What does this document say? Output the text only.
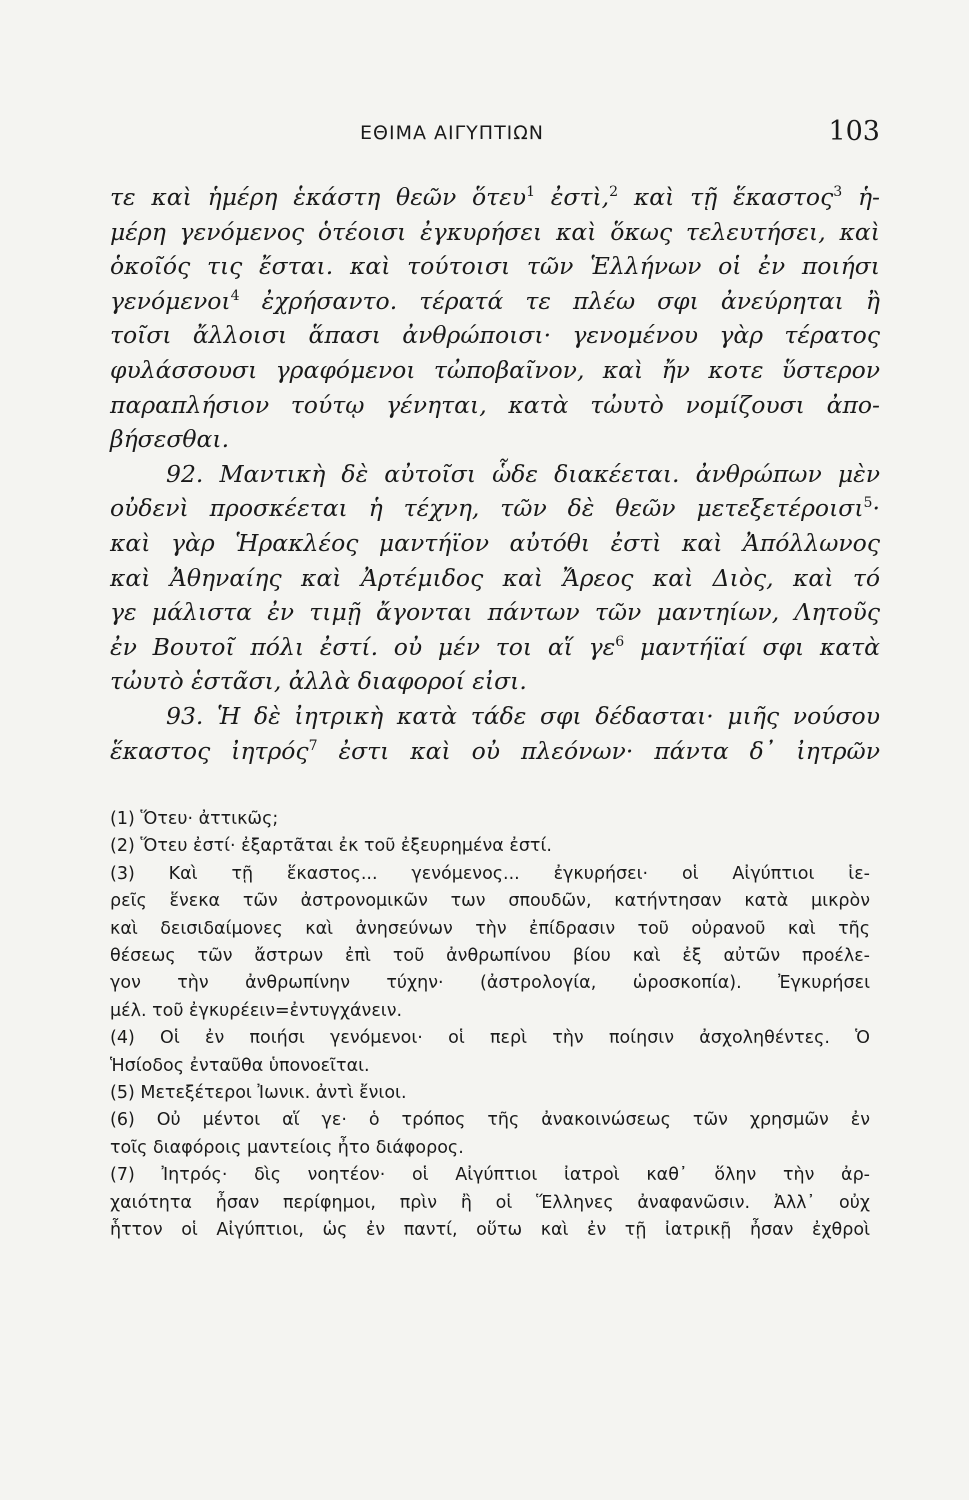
ΕΘΙΜΑ ΑΙΓΥΠΤΙΩΝ	103
τε καὶ ἡμέρη ἑκάστη θεῶν ὅτευ$^1$ ἐστὶ,$^2$ καὶ τῇ ἕκαστος$^3$ ἡ-
μέρη γενόμενος ὁτέοισι ἐγκυρήσει καὶ ὅκως τελευτήσει, καὶ
ὁκοῖός τις ἔσται. καὶ τούτοισι τῶν Ἑλλήνων οἱ ἐν ποιήσι
γενόμενοι$^4$ ἐχρήσαντο. τέρατά τε πλέω σφι ἀνεύρηται ἢ
τοῖσι ἄλλοισι ἅπασι ἀνθρώποισι· γενομένου γὰρ τέρατος
φυλάσσουσι γραφόμενοι τὠποβαῖνον, καὶ ἤν κοτε ὕστερον
παραπλήσιον τούτῳ γένηται, κατὰ τὠυτὸ νομίζουσι ἀπο-
βήσεσθαι.
92. Μαντικὴ δὲ αὐτοῖσι ὧδε διακέεται. ἀνθρώπων μὲν
οὐδενὶ προσκέεται ἡ τέχνη, τῶν δὲ θεῶν μετεξετέροισι$^5$·
καὶ γὰρ Ἡρακλέος μαντήϊον αὐτόθι ἐστὶ καὶ Ἀπόλλωνος
καὶ Ἀθηναίης καὶ Ἀρτέμιδος καὶ Ἄρεος καὶ Διὸς, καὶ τό
γε μάλιστα ἐν τιμῇ ἄγονται πάντων τῶν μαντηίων, Λητοῦς
ἐν Βουτοῖ πόλι ἐστί. οὐ μέν τοι αἵ $\gamma\varepsilon^6$ μαντήϊαί σφι κατὰ
τὠυτὸ ἑστᾶσι, ἀλλὰ διαφοροί εἰσι.
93. Ἡ δὲ ἰητρικὴ κατὰ τάδε σφι δέδασται· μιῆς νούσου
ἕκαστος ἰητρός$^7$ ἐστι καὶ οὐ πλεόνων· πάντα δ᾽ ἰητρῶν
(1) Ὅτευ· ἀττικῶς;
(2) Ὅτευ ἐστί· ἐξαρτᾶται ἐκ τοῦ ἐξευρημένα ἐστί.
(3) Καὶ τῇ ἕκαστος... γενόμενος... ἐγκυρήσει· οἱ Αἰγύπτιοι ἱε-
ρεῖς ἕνεκα τῶν ἀστρονομικῶν των σπουδῶν, κατήντησαν κατὰ μικρὸν
καὶ δεισιδαίμονες καὶ ἀνησεύνων τὴν ἐπίδρασιν τοῦ οὐρανοῦ καὶ τῆς
θέσεως τῶν ἄστρων ἐπὶ τοῦ ἀνθρωπίνου βίου καὶ ἐξ αὐτῶν προέλε-
γον τὴν ἀνθρωπίνην τύχην· (ἀστρολογία, ὡροσκοπία). Ἐγκυρήσει
μέλ. τοῦ ἐγκυρέειν=ἐντυγχάνειν.
(4) Οἱ ἐν ποιήσι γενόμενοι· οἱ περὶ τὴν ποίησιν ἀσχοληθέντες. Ὁ
Ἡσίοδος ἐνταῦθα ὑπονοεῖται.
(5) Μετεξέτεροι Ἰωνικ. ἀντὶ ἔνιοι.
(6) Οὐ μέντοι αἵ γε· ὁ τρόπος τῆς ἀνακοινώσεως τῶν χρησμῶν ἐν
τοῖς διαφόροις μαντείοις ἦτο διάφορος.
(7) Ἰητρός· δὶς νοητέον· οἱ Αἰγύπτιοι ἰατροὶ καθ᾽ ὅλην τὴν ἀρ-
χαιότητα ἦσαν περίφημοι, πρὶν ἢ οἱ Ἕλληνες ἀναφανῶσιν. Ἀλλ᾽ οὐχ
ἧττον οἱ Αἰγύπτιοι, ὡς ἐν παντί, οὕτω καὶ ἐν τῇ ἰατρικῇ ἦσαν ἐχθροὶ
